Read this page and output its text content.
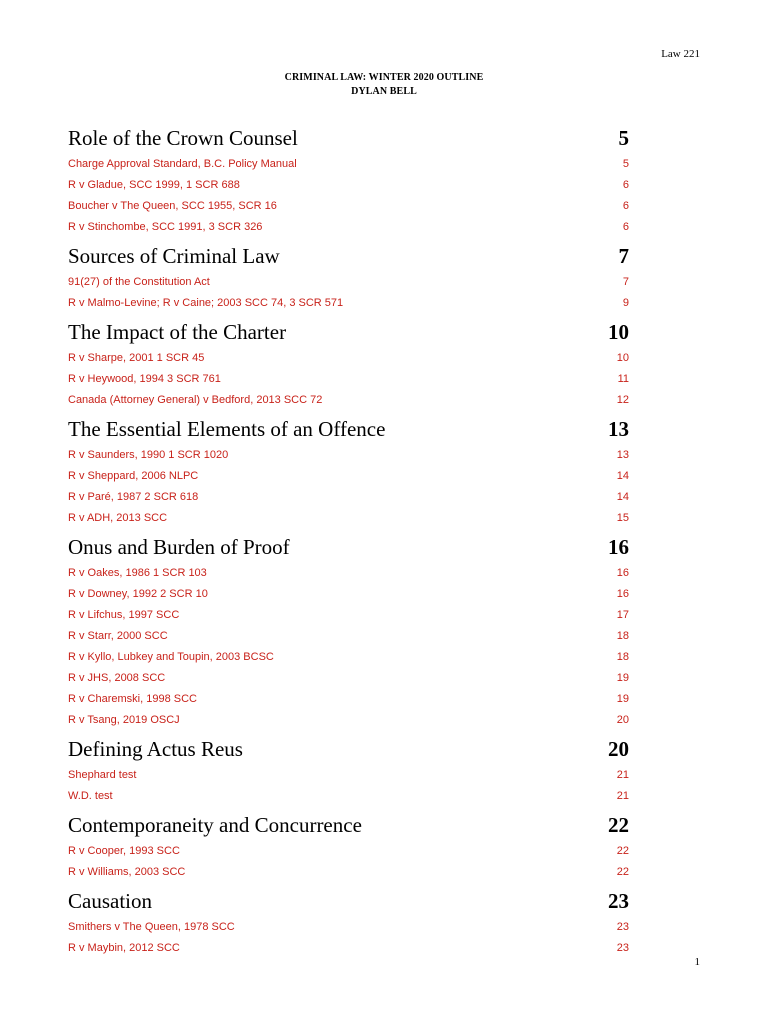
Law 221
CRIMINAL LAW: WINTER 2020 OUTLINE
DYLAN BELL
Role of the Crown Counsel	5
Charge Approval Standard, B.C. Policy Manual	5
R v Gladue, SCC 1999, 1 SCR 688	6
Boucher v The Queen, SCC 1955, SCR 16	6
R v Stinchombe, SCC 1991, 3 SCR 326	6
Sources of Criminal Law	7
91(27) of the Constitution Act	7
R v Malmo-Levine; R v Caine; 2003 SCC 74, 3 SCR 571	9
The Impact of the Charter	10
R v Sharpe, 2001 1 SCR 45	10
R v Heywood, 1994 3 SCR 761	11
Canada (Attorney General) v Bedford, 2013 SCC 72	12
The Essential Elements of an Offence	13
R v Saunders, 1990 1 SCR 1020	13
R v Sheppard, 2006 NLPC	14
R v Paré, 1987 2 SCR 618	14
R v ADH, 2013 SCC	15
Onus and Burden of Proof	16
R v Oakes, 1986 1 SCR 103	16
R v Downey, 1992 2 SCR 10	16
R v Lifchus, 1997 SCC	17
R v Starr, 2000 SCC	18
R v Kyllo, Lubkey and Toupin, 2003 BCSC	18
R v JHS, 2008 SCC	19
R v Charemski, 1998 SCC	19
R v Tsang, 2019 OSCJ	20
Defining Actus Reus	20
Shephard test	21
W.D. test	21
Contemporaneity and Concurrence	22
R v Cooper, 1993 SCC	22
R v Williams, 2003 SCC	22
Causation	23
Smithers v The Queen, 1978 SCC	23
R v Maybin, 2012 SCC	23
1
